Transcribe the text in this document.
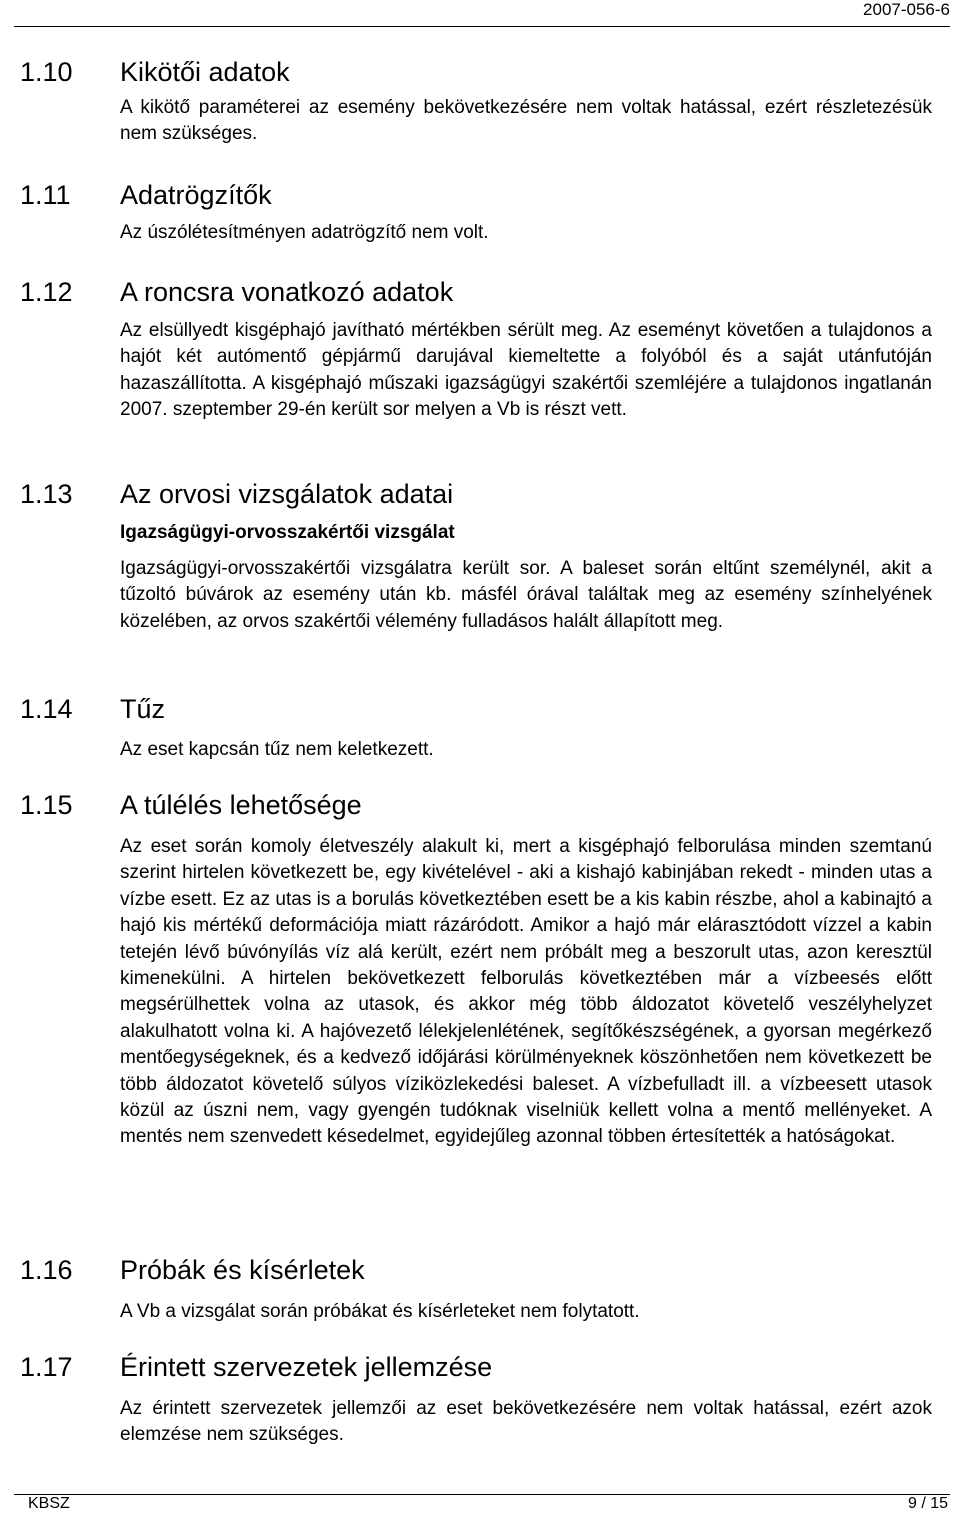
2007-056-6
1.10	Kikötői adatok
A kikötő paraméterei az esemény bekövetkezésére nem voltak hatással, ezért részletezésük nem szükséges.
1.11	Adatrögzítők
Az úszólétesítményen adatrögzítő nem volt.
1.12	A roncsra vonatkozó adatok
Az elsüllyedt kisgéphajó javítható mértékben sérült meg. Az eseményt követően a tulajdonos a hajót két autómentő gépjármű darujával kiemeltette a folyóból és a saját utánfutóján hazaszállította. A kisgéphajó műszaki igazságügyi szakértői szemléjére a tulajdonos ingatlanán 2007. szeptember 29-én került sor melyen a Vb is részt vett.
1.13	Az orvosi vizsgálatok adatai
Igazságügyi-orvosszakértői vizsgálat
Igazságügyi-orvosszakértői vizsgálatra került sor. A baleset során eltűnt személynél, akit a tűzoltó búvárok az esemény után kb. másfél órával találtak meg az esemény színhelyének közelében, az orvos szakértői vélemény fulladásos halált állapított meg.
1.14	Tűz
Az eset kapcsán tűz nem keletkezett.
1.15	A túlélés lehetősége
Az eset során komoly életveszély alakult ki, mert a kisgéphajó felborulása minden szemtanú szerint hirtelen következett be, egy kivételével - aki a kishajó kabinjában rekedt - minden utas a vízbe esett. Ez az utas is a borulás következtében esett be a kis kabin részbe, ahol a kabinajtó a hajó kis mértékű deformációja miatt rázáródott. Amikor a hajó már elárasztódott vízzel a kabin tetején lévő búvónyílás víz alá került, ezért nem próbált meg a beszorult utas, azon keresztül kimenekülni. A hirtelen bekövetkezett felborulás következtében már a vízbeesés előtt megsérülhettek volna az utasok, és akkor még több áldozatot követelő veszélyhelyzet alakulhatott volna ki. A hajóvezető lélekjelenlétének, segítőkészségének, a gyorsan megérkező mentőegységeknek, és a kedvező időjárási körülményeknek köszönhetően nem következett be több áldozatot követelő súlyos víziközlekedési baleset. A vízbefulladt ill. a vízbeesett utasok közül az úszni nem, vagy gyengén tudóknak viselniük kellett volna a mentő mellényeket. A mentés nem szenvedett késedelmet, egyidejűleg azonnal többen értesítették a hatóságokat.
1.16	Próbák és kísérletek
A Vb a vizsgálat során próbákat és kísérleteket nem folytatott.
1.17	Érintett szervezetek jellemzése
Az érintett szervezetek jellemzői az eset bekövetkezésére nem voltak hatással, ezért azok elemzése nem szükséges.
KBSZ	9 / 15
